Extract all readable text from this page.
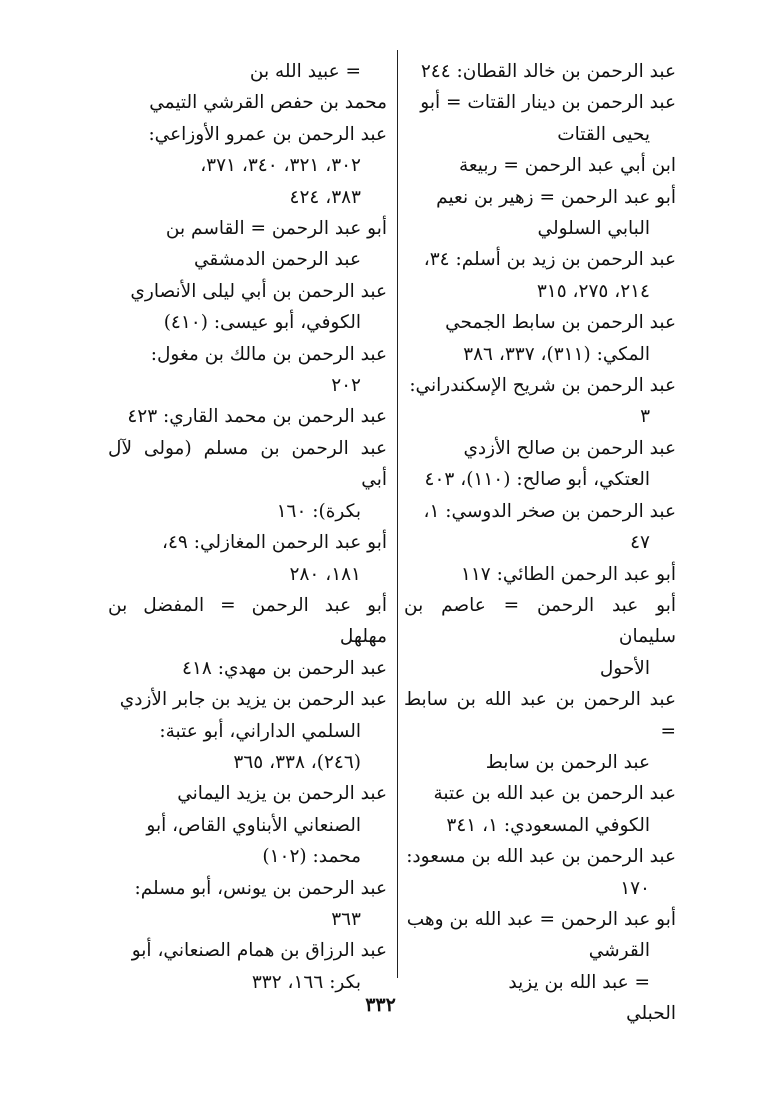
عبد الرحمن بن خالد القطان: ٢٤٤
عبد الرحمن بن دينار القتات = أبو
يحيى القتات
ابن أبي عبد الرحمن = ربيعة
أبو عبد الرحمن = زهير بن نعيم
البابي السلولي
عبد الرحمن بن زيد بن أسلم: ٣٤،
٢١٤، ٢٧٥، ٣١٥
عبد الرحمن بن سابط الجمحي
المكي: (٣١١)، ٣٣٧، ٣٨٦
عبد الرحمن بن شريح الإسكندراني:
٣
عبد الرحمن بن صالح الأزدي
العتكي، أبو صالح: (١١٠)، ٤٠٣
عبد الرحمن بن صخر الدوسي: ١،
٤٧
أبو عبد الرحمن الطائي: ١١٧
أبو عبد الرحمن = عاصم بن سليمان
الأحول
عبد الرحمن بن عبد الله بن سابط =
عبد الرحمن بن سابط
عبد الرحمن بن عبد الله بن عتبة
الكوفي المسعودي: ١، ٣٤١
عبد الرحمن بن عبد الله بن مسعود:
١٧٠
أبو عبد الرحمن = عبد الله بن وهب
القرشي
= عبد الله بن يزيد
الحبلي
= عبيد الله بن
محمد بن حفص القرشي التيمي
عبد الرحمن بن عمرو الأوزاعي:
٣٠٢، ٣٢١، ٣٤٠، ٣٧١،
٣٨٣، ٤٢٤
أبو عبد الرحمن = القاسم بن
عبد الرحمن الدمشقي
عبد الرحمن بن أبي ليلى الأنصاري
الكوفي، أبو عيسى: (٤١٠)
عبد الرحمن بن مالك بن مغول:
٢٠٢
عبد الرحمن بن محمد القاري: ٤٢٣
عبد الرحمن بن مسلم (مولى لآل أبي
بكرة): ١٦٠
أبو عبد الرحمن المغازلي: ٤٩،
١٨١، ٢٨٠
أبو عبد الرحمن = المفضل بن مهلهل
عبد الرحمن بن مهدي: ٤١٨
عبد الرحمن بن يزيد بن جابر الأزدي
السلمي الداراني، أبو عتبة:
(٢٤٦)، ٣٣٨، ٣٦٥
عبد الرحمن بن يزيد اليماني
الصنعاني الأبناوي القاص، أبو
محمد: (١٠٢)
عبد الرحمن بن يونس، أبو مسلم:
٣٦٣
عبد الرزاق بن همام الصنعاني، أبو
بكر: ١٦٦، ٣٣٢
٣٣٢
